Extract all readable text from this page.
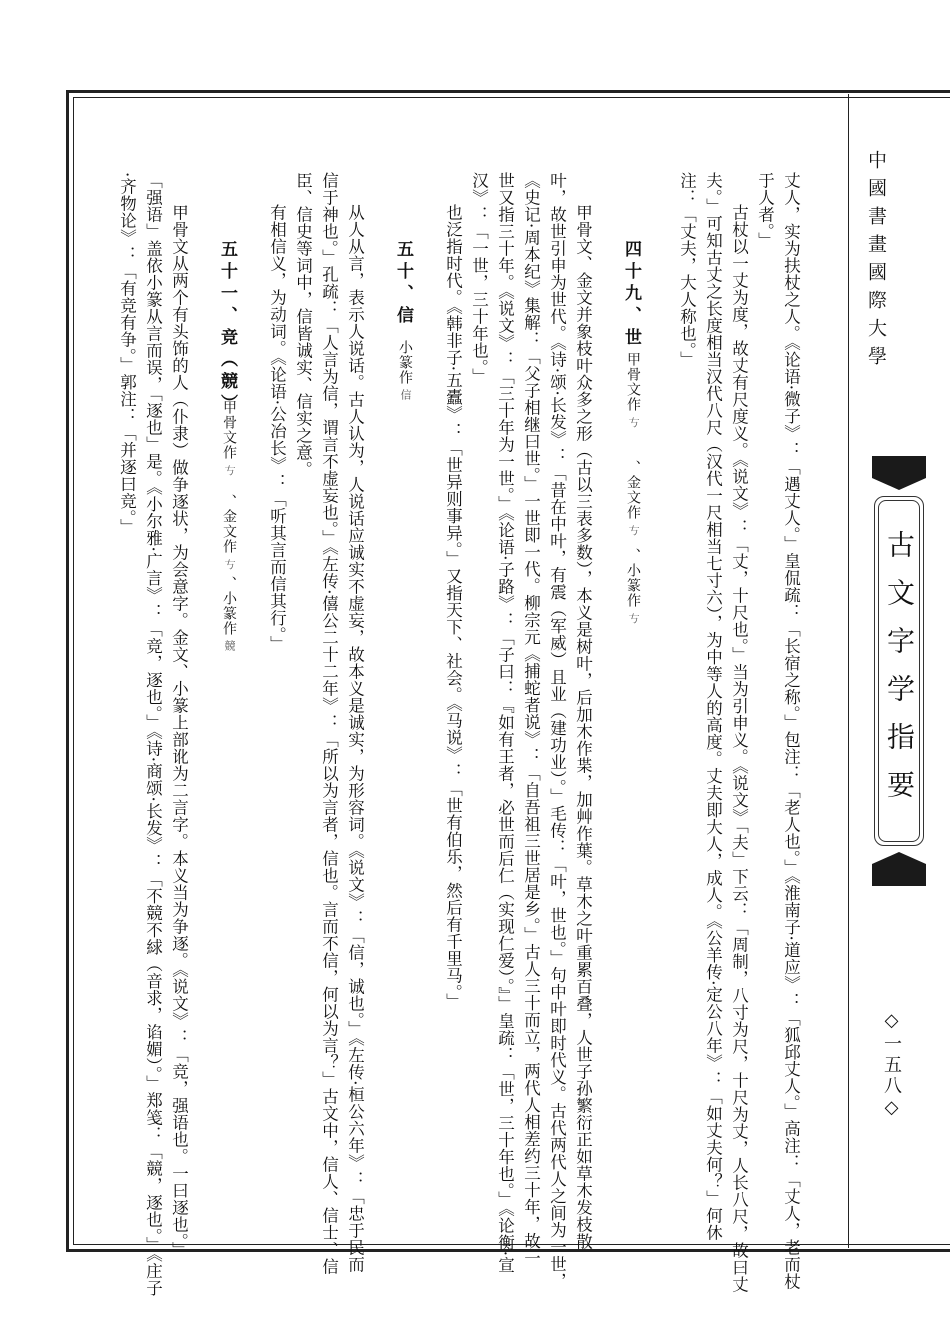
中國書畫國際大學
古文字学指要
◇一五八◇
丈人，实为扶杖之人。《论语·微子》：「遇丈人。」皇侃疏：「长宿之称。」包注：「老人也。」《淮南子·道应》：「狐邱丈人。」高注：「丈人，老而杖
于人者。」
古杖以一丈为度，故丈有尺度义。《说文》：「丈，十尺也。」当为引申义。《说文》「夫」下云：「周制，八寸为尺，十尺为丈，人长八尺，故曰丈
夫。」可知古丈之长度相当汉代八尺（汉代一尺相当七寸六），为中等人的高度。丈夫即大人，成人。《公羊传·定公八年》：「如丈夫何？」何休
注：「丈夫，大人称也。」
四十九、世
甲骨文作𠀁
、金文作𠀁
、小篆作𠀁
甲骨文、金文并象枝叶众多之形（古以三表多数），本义是树叶，后加木作枼，加艸作葉。草木之叶重累百叠，人世子孙繁衍正如草木发枝散
叶，故世引申为世代。《诗·颂·长发》：「昔在中叶，有震（军威）且业（建功业）。」毛传：「叶，世也。」句中叶即时代义。古代两代人之间为一世，
《史记·周本纪》集解：「父子相继曰世。」一世即一代。柳宗元《捕蛇者说》：「自吾祖三世居是乡。」古人三十而立，两代人相差约三十年，故一
世又指三十年。《说文》：「三十年为一世。」《论语·子路》：「子曰：『如有王者，必世而后仁（实现仁爱）。』」皇疏：「世，三十年也。」《论衡·宣
汉》：「一世，三十年也。」
也泛指时代。《韩非子·五蠹》：「世异则事异。」又指天下、社会。《马说》：「世有伯乐，然后有千里马。」
五十、信
小篆作信
从人从言，表示人说话。古人认为，人说话应诚实不虚妄，故本义是诚实，为形容词。《说文》：「信，诚也。」《左传·桓公六年》：「忠于民而
信于神也。」孔疏：「人言为信，谓言不虚妄也。」《左传·僖公二十二年》：「所以为言者，信也。言而不信，何以为言？」古文中，信人、信士、信
臣、信史等词中，信皆诚实、信实之意。
有相信义，为动词。《论语·公冶长》：「听其言而信其行。」
五十一、竞（競）
甲骨文作𠀁
、金文作𠀁
、小篆作競
甲骨文从两个有头饰的人（仆隶）做争逐状，为会意字。金文、小篆上部讹为二言字。本义当为争逐。《说文》：「竞，强语也。一曰逐也。」
「强语」盖依小篆从言而误，「逐也」是。《小尔雅·广言》：「竞，逐也。」《诗·商颂·长发》：「不競不絿（音求，谄媚）。」郑笺：「競，逐也。」《庄子
·齐物论》：「有竞有争。」郭注：「并逐曰竞。」
